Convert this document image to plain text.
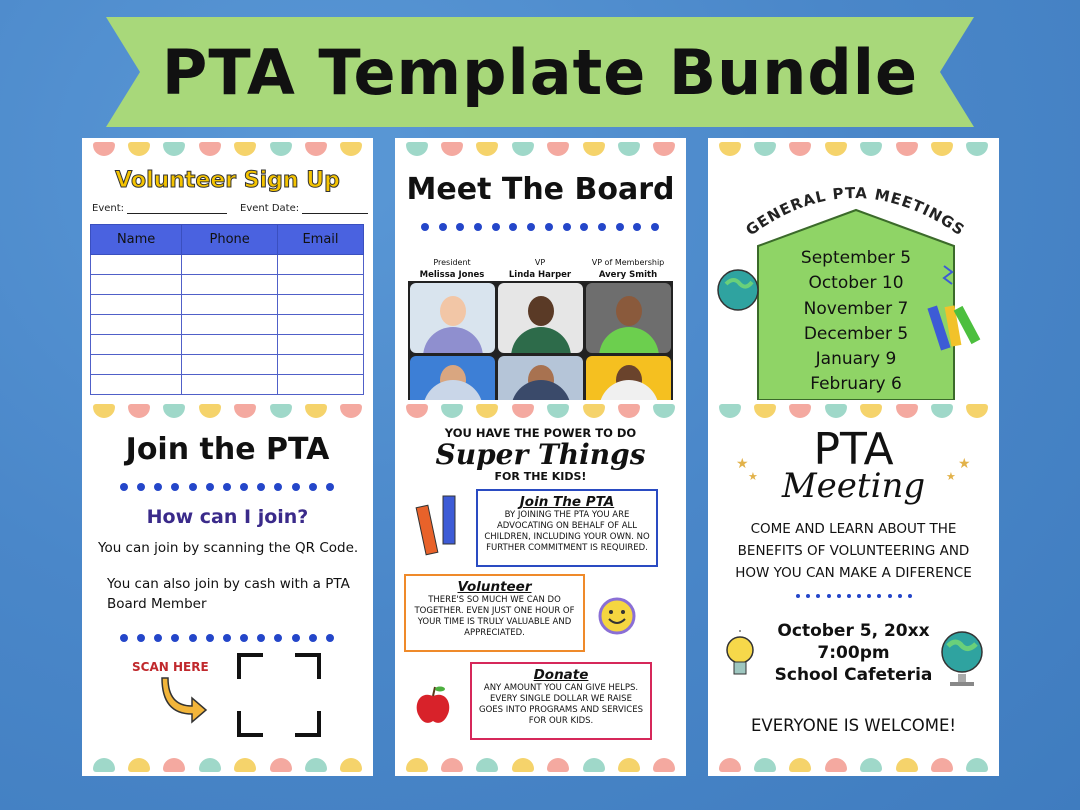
PTA Template Bundle
Volunteer Sign Up
Event:	Event Date:
Name	Phone	Email

Meet The Board
President
Melissa Jones
VP
Linda Harper
VP of Membership
Avery Smith
GENERAL PTA MEETINGS
September 5
October 10
November 7
December 5
January 9
February 6
Join the PTA
How can I join?
You can join by scanning the QR Code.
You can also join by cash with a PTA Board Member
SCAN HERE
YOU HAVE THE POWER TO DO
Super Things
FOR THE KIDS!
Join The PTA
BY JOINING THE PTA YOU ARE ADVOCATING ON BEHALF OF ALL CHILDREN, INCLUDING YOUR OWN. NO FURTHER COMMITMENT IS REQUIRED.
Volunteer
THERE'S SO MUCH WE CAN DO TOGETHER. EVEN JUST ONE HOUR OF YOUR TIME IS TRULY VALUABLE AND APPRECIATED.
Donate
ANY AMOUNT YOU CAN GIVE HELPS. EVERY SINGLE DOLLAR WE RAISE GOES INTO PROGRAMS AND SERVICES FOR OUR KIDS.
PTA
Meeting
★
★
★
★
COME AND LEARN ABOUT THE
BENEFITS OF VOLUNTEERING AND
HOW YOU CAN MAKE A DIFERENCE
October 5, 20xx
7:00pm
School Cafeteria
EVERYONE IS WELCOME!
